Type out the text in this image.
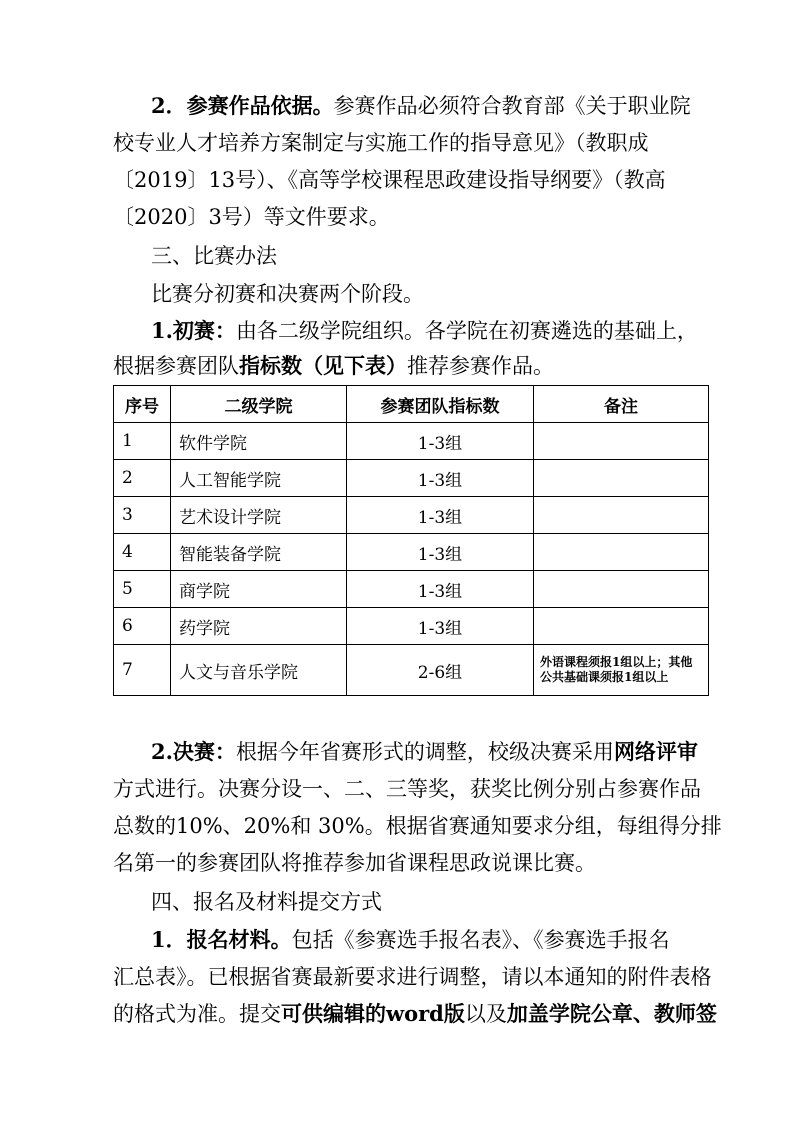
2．参赛作品依据。参赛作品必须符合教育部《关于职业院
校专业人才培养方案制定与实施工作的指导意见》（教职成
〔2019〕13号）、《高等学校课程思政建设指导纲要》（教高
〔2020〕3号）等文件要求。
三、比赛办法
比赛分初赛和决赛两个阶段。
1.初赛：由各二级学院组织。各学院在初赛遴选的基础上，
根据参赛团队指标数（见下表）推荐参赛作品。
序号	二级学院	参赛团队指标数	备注
1	软件学院	1-3组	
2	人工智能学院	1-3组	
3	艺术设计学院	1-3组	
4	智能装备学院	1-3组	
5	商学院	1-3组	
6	药学院	1-3组	
7	人文与音乐学院	2-6组	外语课程须报1组以上；其他公共基础课须报1组以上
2.决赛：根据今年省赛形式的调整，校级决赛采用网络评审
方式进行。决赛分设一、二、三等奖，获奖比例分别占参赛作品
总数的10%、20%和 30%。根据省赛通知要求分组，每组得分排
名第一的参赛团队将推荐参加省课程思政说课比赛。
四、报名及材料提交方式
1．报名材料。包括《参赛选手报名表》、《参赛选手报名
汇总表》。已根据省赛最新要求进行调整，请以本通知的附件表格
的格式为准。提交可供编辑的word版以及加盖学院公章、教师签
